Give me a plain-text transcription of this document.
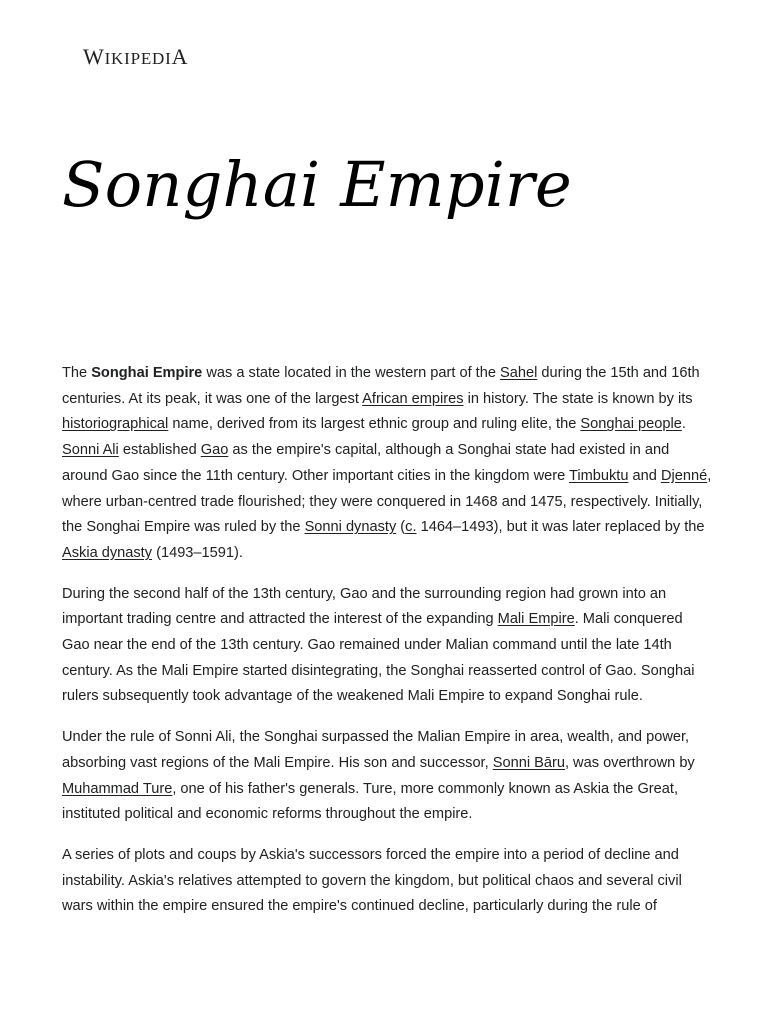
WIKIPEDIA
Songhai Empire

The Songhai Empire was a state located in the western part of the Sahel during the 15th and 16th centuries. At its peak, it was one of the largest African empires in history. The state is known by its historiographical name, derived from its largest ethnic group and ruling elite, the Songhai people. Sonni Ali established Gao as the empire's capital, although a Songhai state had existed in and around Gao since the 11th century. Other important cities in the kingdom were Timbuktu and Djenné, where urban-centred trade flourished; they were conquered in 1468 and 1475, respectively. Initially, the Songhai Empire was ruled by the Sonni dynasty (c. 1464–1493), but it was later replaced by the Askia dynasty (1493–1591).

During the second half of the 13th century, Gao and the surrounding region had grown into an important trading centre and attracted the interest of the expanding Mali Empire. Mali conquered Gao near the end of the 13th century. Gao remained under Malian command until the late 14th century. As the Mali Empire started disintegrating, the Songhai reasserted control of Gao. Songhai rulers subsequently took advantage of the weakened Mali Empire to expand Songhai rule.

Under the rule of Sonni Ali, the Songhai surpassed the Malian Empire in area, wealth, and power, absorbing vast regions of the Mali Empire. His son and successor, Sonni Bāru, was overthrown by Muhammad Ture, one of his father's generals. Ture, more commonly known as Askia the Great, instituted political and economic reforms throughout the empire.

A series of plots and coups by Askia's successors forced the empire into a period of decline and instability. Askia's relatives attempted to govern the kingdom, but political chaos and several civil wars within the empire ensured the empire's continued decline, particularly during the rule of
